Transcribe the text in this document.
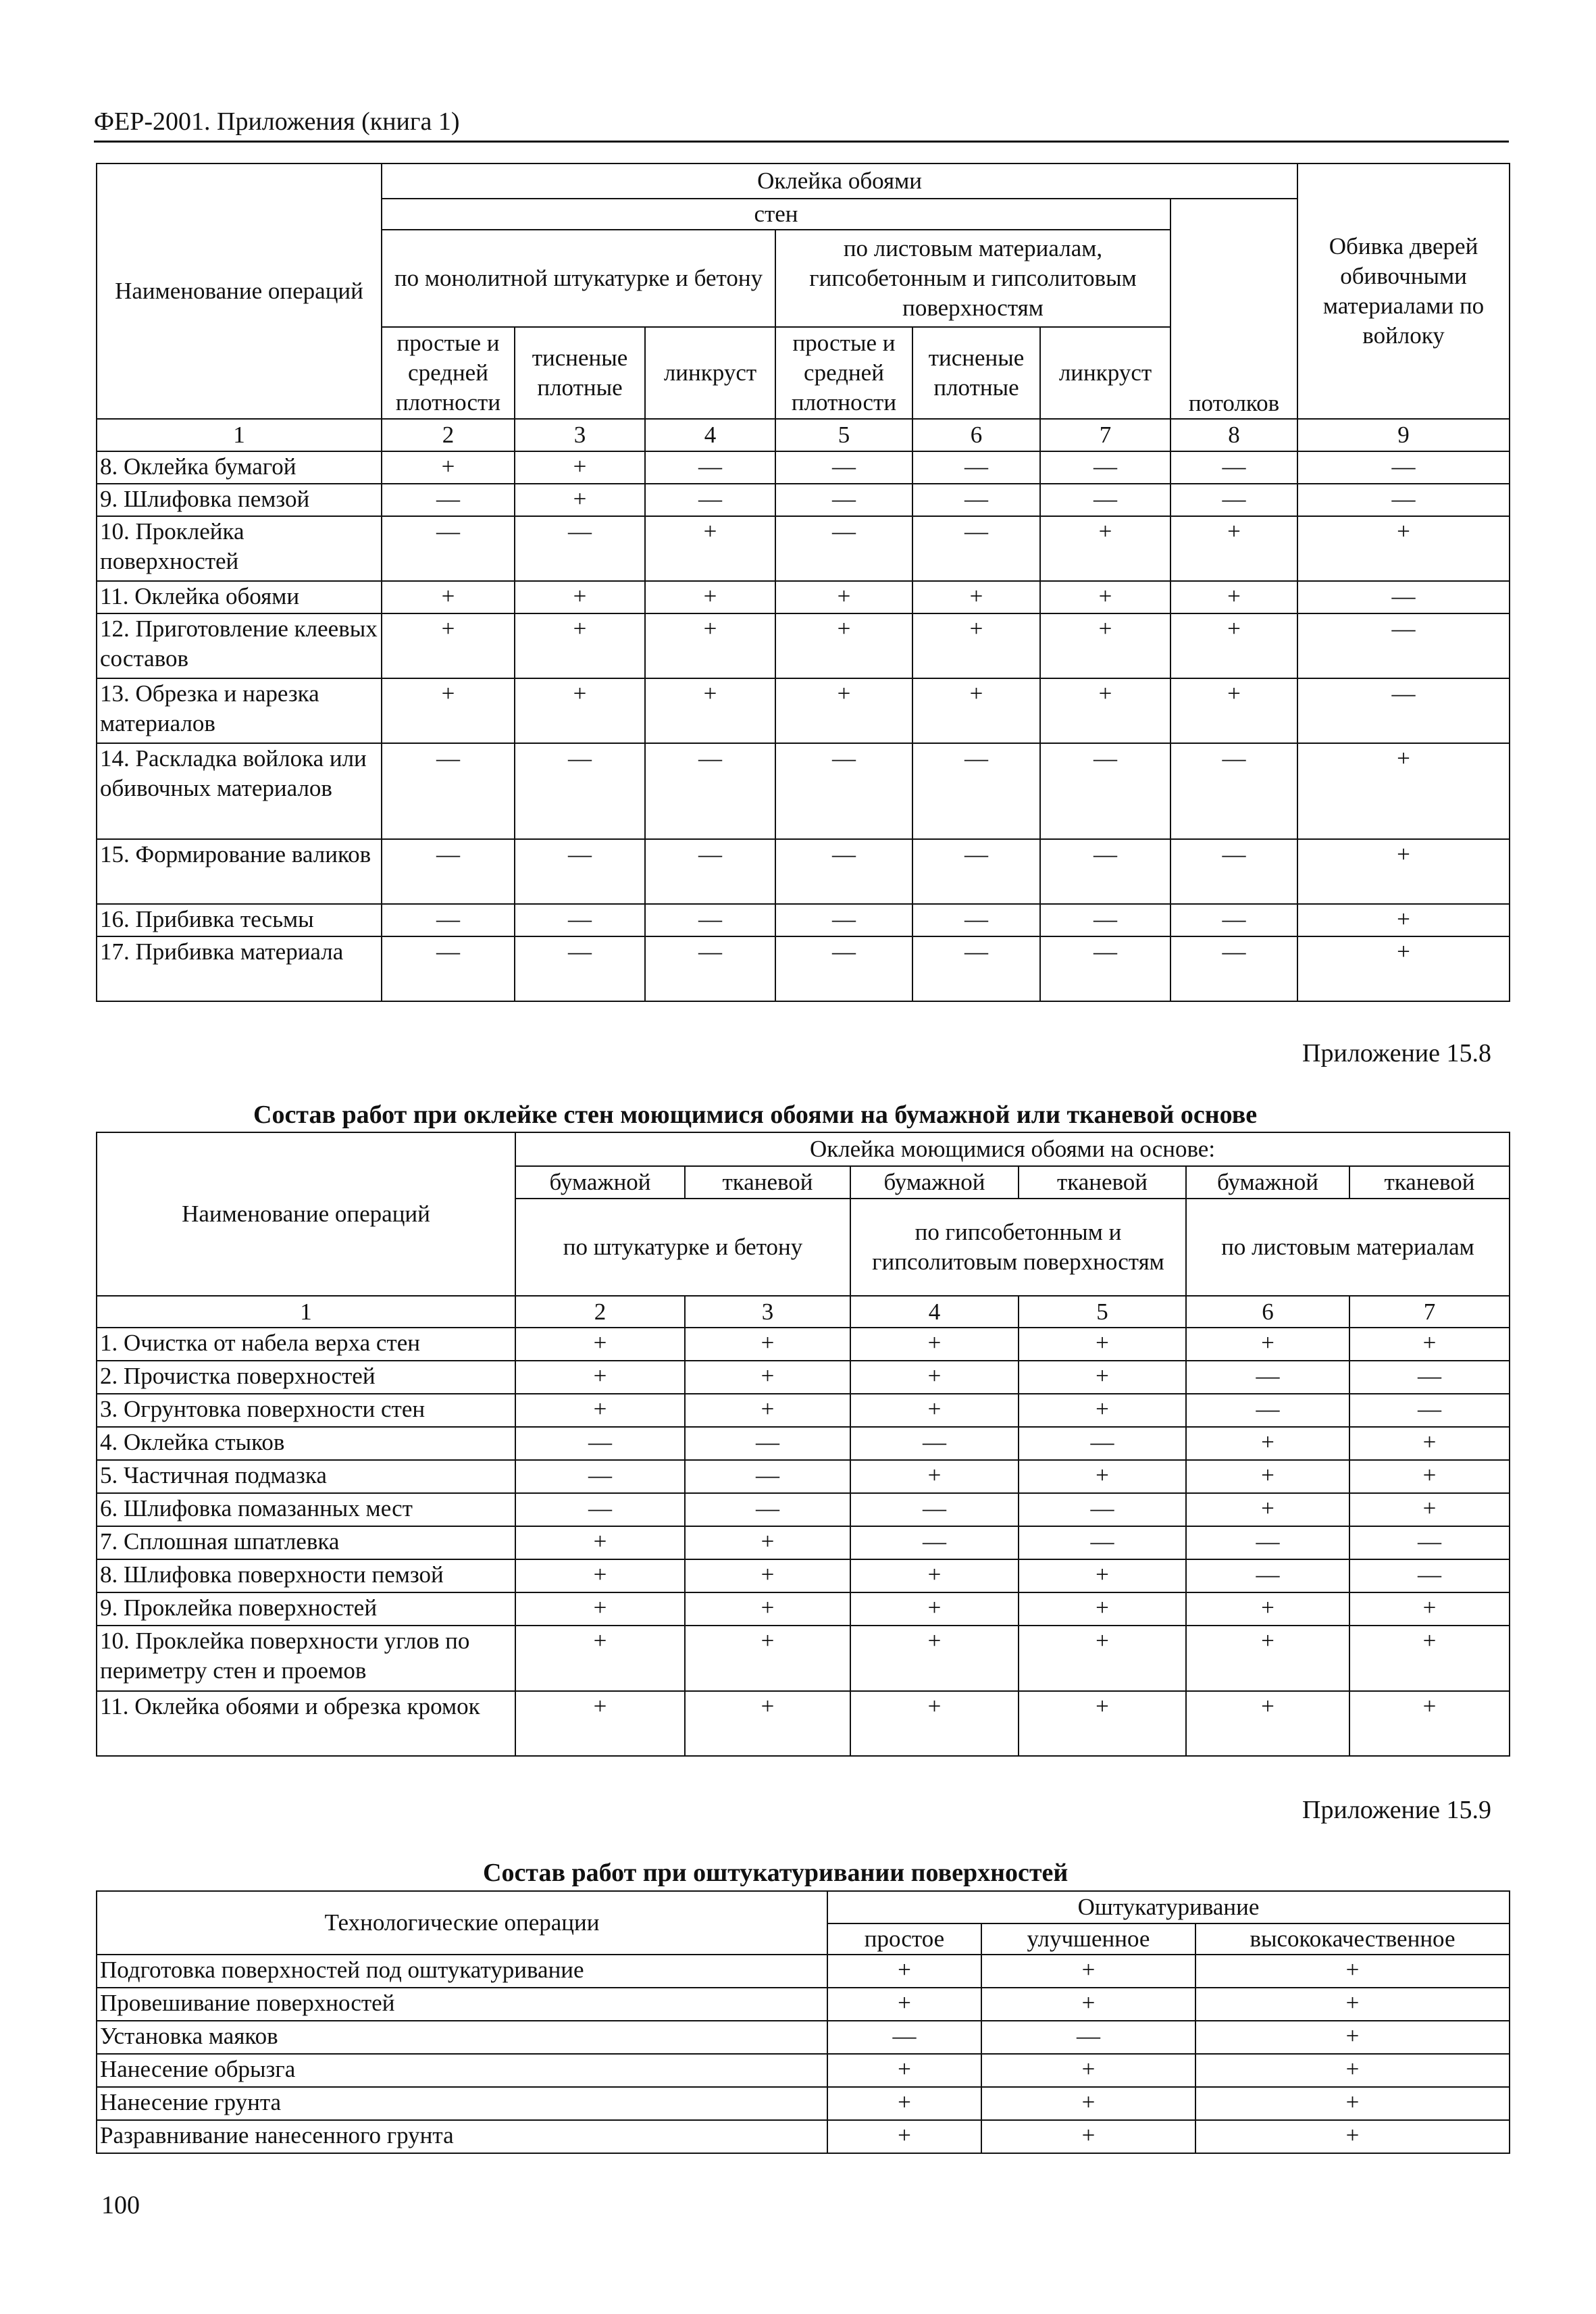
ФЕР-2001. Приложения (книга 1)
Наименование операций	Оклейка обоями							Обивка дверей обивочными материалами по войлоку
	стен						потолков	
	по монолитной штукатурке и бетону			по листовым материалам, гипсобетонным и гипсолитовым поверхностям				
	простые и средней плотности	тисненые плотные	линкруст	простые и средней плотности	тисненые плотные	линкруст		
1	2	3	4	5	6	7	8	9
8. Оклейка бумагой	+	+	—	—	—	—	—	—
9. Шлифовка пемзой	—	+	—	—	—	—	—	—
10. Проклейка поверхностей	—	—	+	—	—	+	+	+
11. Оклейка обоями	+	+	+	+	+	+	+	—
12. Приготовление клеевых составов	+	+	+	+	+	+	+	—
13. Обрезка и нарезка материалов	+	+	+	+	+	+	+	—
14. Раскладка войлока или обивочных материалов	—	—	—	—	—	—	—	+
15. Формирование валиков	—	—	—	—	—	—	—	+
16. Прибивка тесьмы	—	—	—	—	—	—	—	+
17. Прибивка материала	—	—	—	—	—	—	—	+
Приложение 15.8
Состав работ при оклейке стен моющимися обоями на бумажной или тканевой основе
Наименование операций	Оклейка моющимися обоями на основе:					
	бумажной	тканевой	бумажной	тканевой	бумажной	тканевой
	по штукатурке и бетону		по гипсобетонным и гипсолитовым поверхностям		по листовым материалам	
1	2	3	4	5	6	7
1. Очистка от набела верха стен	+	+	+	+	+	+
2. Прочистка поверхностей	+	+	+	+	—	—
3. Огрунтовка поверхности стен	+	+	+	+	—	—
4. Оклейка стыков	—	—	—	—	+	+
5. Частичная подмазка	—	—	+	+	+	+
6. Шлифовка помазанных мест	—	—	—	—	+	+
7. Сплошная шпатлевка	+	+	—	—	—	—
8. Шлифовка поверхности пемзой	+	+	+	+	—	—
9. Проклейка поверхностей	+	+	+	+	+	+
10. Проклейка поверхности углов по периметру стен и проемов	+	+	+	+	+	+
11. Оклейка обоями и обрезка кромок	+	+	+	+	+	+
Приложение 15.9
Состав работ при оштукатуривании поверхностей
Технологические операции	Оштукатуривание		
	простое	улучшенное	высококачественное
Подготовка поверхностей под оштукатуривание	+	+	+
Провешивание поверхностей	+	+	+
Установка маяков	—	—	+
Нанесение обрызга	+	+	+
Нанесение грунта	+	+	+
Разравнивание нанесенного грунта	+	+	+
100
